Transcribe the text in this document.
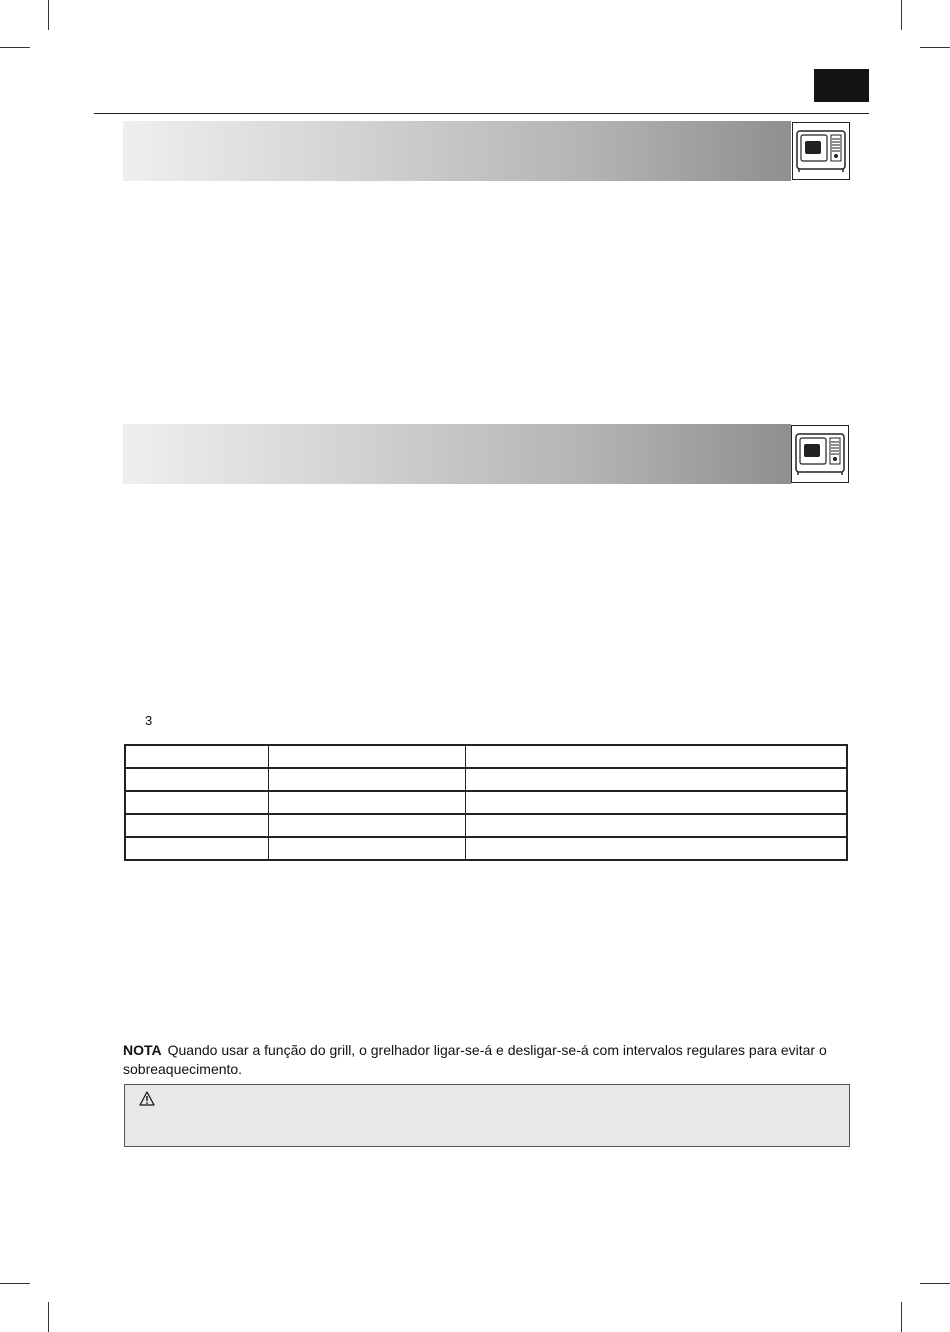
3

NOTA Quando usar a função do grill, o grelhador ligar-se-á e desligar-se-á com intervalos regulares para evitar o sobreaquecimento.
